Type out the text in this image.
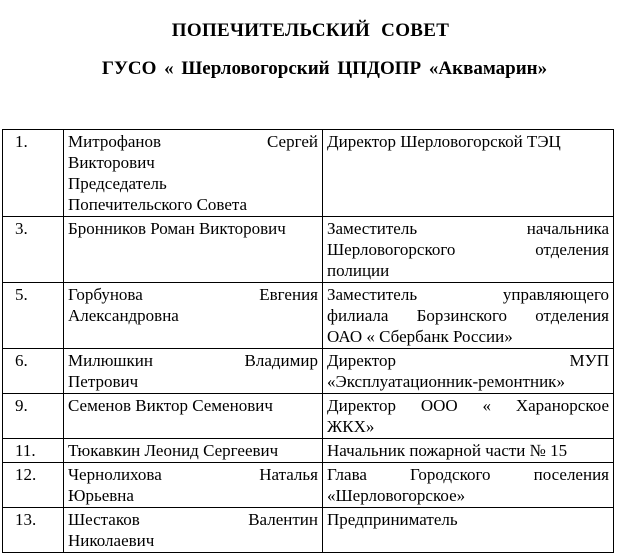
ПОПЕЧИТЕЛЬСКИЙ СОВЕТ
ГУСО « Шерловогорский ЦПДОПР «Аквамарин»
1.	Митрофанов Сергей
Викторович
Председатель
Попечительского Совета	Директор Шерловогорской ТЭЦ

3.	Бронников Роман Викторович	Заместитель начальника
Шерловогорского отделения
полиции

5.	Горбунова Евгения
Александровна	Заместитель управляющего
филиала Борзинского отделения
ОАО « Сбербанк России»

6.	Милюшкин Владимир
Петрович	Директор МУП
«Эксплуатационник-ремонтник»

9.	Семенов Виктор Семенович	Директор ООО « Харанорское
ЖКХ»

11.	Тюкавкин Леонид Сергеевич	Начальник пожарной части № 15

12.	Чернолихова Наталья
Юрьевна	Глава Городского поселения
«Шерловогорское»

13.	Шестаков Валентин
Николаевич	Предприниматель
